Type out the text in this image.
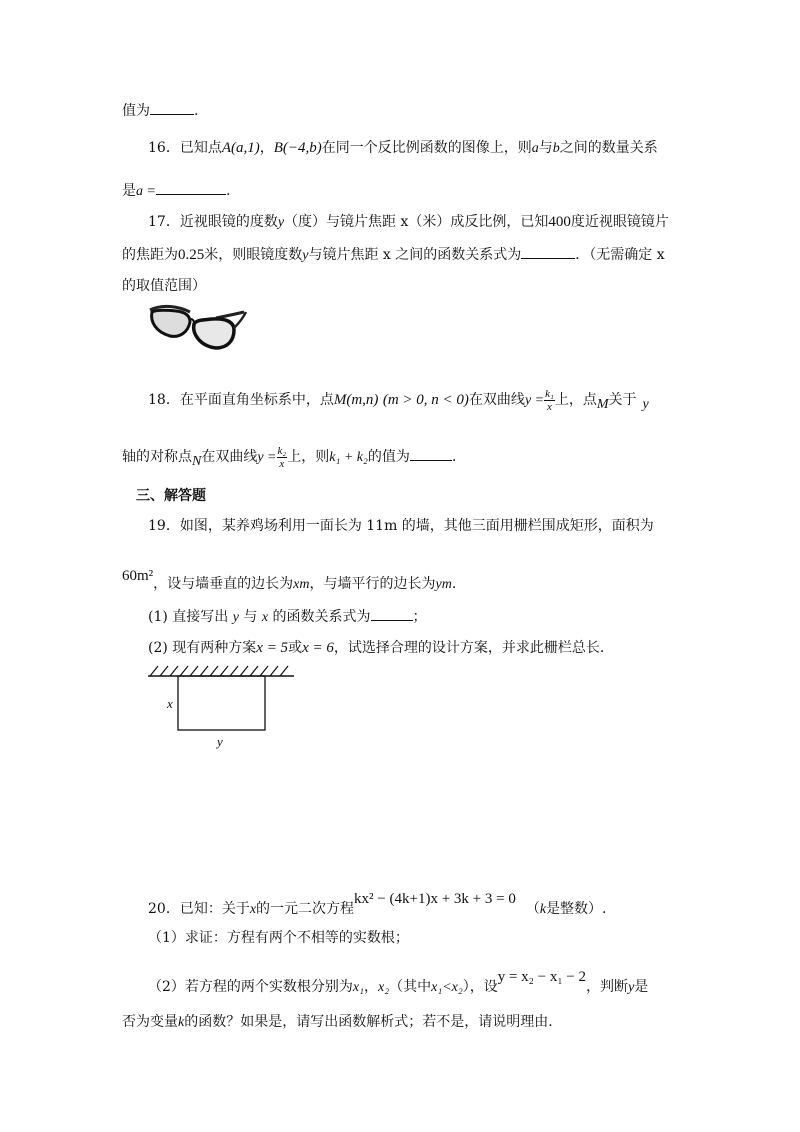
值为	.
16．已知点A(a,1)，B(−4,b)在同一个反比例函数的图像上，则a与b之间的数量关系
是a =	.
17．近视眼镜的度数y（度）与镜片焦距 x（米）成反比例，已知400度近视眼镜镜片
的焦距为0.25米，则眼镜度数y与镜片焦距 x 之间的函数关系式为	．（无需确定 x
的取值范围）
18．在平面直角坐标系中，点M(m,n) (m > 0, n < 0)在双曲线$y = \frac{\text{k₁}}{x}$ 上，点M关于 y
轴的对称点N在双曲线$y = \frac{\text{k₂}}{x}$ 上，则k₁ + k₂的值为	.
三、解答题
19．如图，某养鸡场利用一面长为 11m 的墙，其他三面用栅栏围成矩形，面积为
60m²，设与墙垂直的边长为xm，与墙平行的边长为ym.
(1) 直接写出 y 与 x 的函数关系式为	；
(2) 现有两种方案x = 5或x = 6，试选择合理的设计方案，并求此栅栏总长.
x
y
20．已知：关于x的一元二次方程kx² − (4k+1)x + 3k + 3 = 0（k是整数）.
（1）求证：方程有两个不相等的实数根；
（2）若方程的两个实数根分别为x₁，x₂（其中x₁<x₂），设y = x₂ − x₁ − 2，判断y是
否为变量k的函数？如果是，请写出函数解析式；若不是，请说明理由.
